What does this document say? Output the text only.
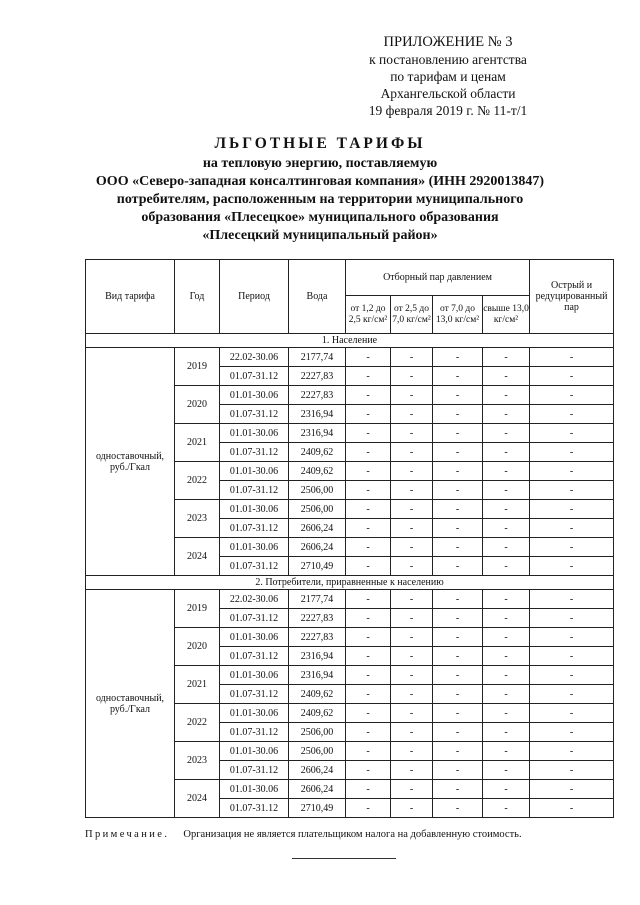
ПРИЛОЖЕНИЕ № 3
к постановлению агентства
по тарифам и ценам
Архангельской области
19 февраля 2019 г. № 11-т/1
ЛЬГОТНЫЕ ТАРИФЫ
на тепловую энергию, поставляемую
ООО «Северо-западная консалтинговая компания» (ИНН 2920013847)
потребителям, расположенным на территории муниципального
образования «Плесецкое» муниципального образования
«Плесецкий муниципальный район»
Вид тарифа	Год	Период	Вода	Отборный пар давлением				Острый и редуцированный пар
				от 1,2 до 2,5 кг/см²	от 2,5 до 7,0 кг/см²	от 7,0 до 13,0 кг/см²	свыше 13,0 кг/см²	
1. Население								
одноставочный, руб./Гкал	2019	22.02-30.06	2177,74	-	-	-	-	-
		01.07-31.12	2227,83	-	-	-	-	-
	2020	01.01-30.06	2227,83	-	-	-	-	-
		01.07-31.12	2316,94	-	-	-	-	-
	2021	01.01-30.06	2316,94	-	-	-	-	-
		01.07-31.12	2409,62	-	-	-	-	-
	2022	01.01-30.06	2409,62	-	-	-	-	-
		01.07-31.12	2506,00	-	-	-	-	-
	2023	01.01-30.06	2506,00	-	-	-	-	-
		01.07-31.12	2606,24	-	-	-	-	-
	2024	01.01-30.06	2606,24	-	-	-	-	-
		01.07-31.12	2710,49	-	-	-	-	-
2. Потребители, приравненные к населению								
одноставочный, руб./Гкал	2019	22.02-30.06	2177,74	-	-	-	-	-
		01.07-31.12	2227,83	-	-	-	-	-
	2020	01.01-30.06	2227,83	-	-	-	-	-
		01.07-31.12	2316,94	-	-	-	-	-
	2021	01.01-30.06	2316,94	-	-	-	-	-
		01.07-31.12	2409,62	-	-	-	-	-
	2022	01.01-30.06	2409,62	-	-	-	-	-
		01.07-31.12	2506,00	-	-	-	-	-
	2023	01.01-30.06	2506,00	-	-	-	-	-
		01.07-31.12	2606,24	-	-	-	-	-
	2024	01.01-30.06	2606,24	-	-	-	-	-
		01.07-31.12	2710,49	-	-	-	-	-
Примечание. Организация не является плательщиком налога на добавленную стоимость.
